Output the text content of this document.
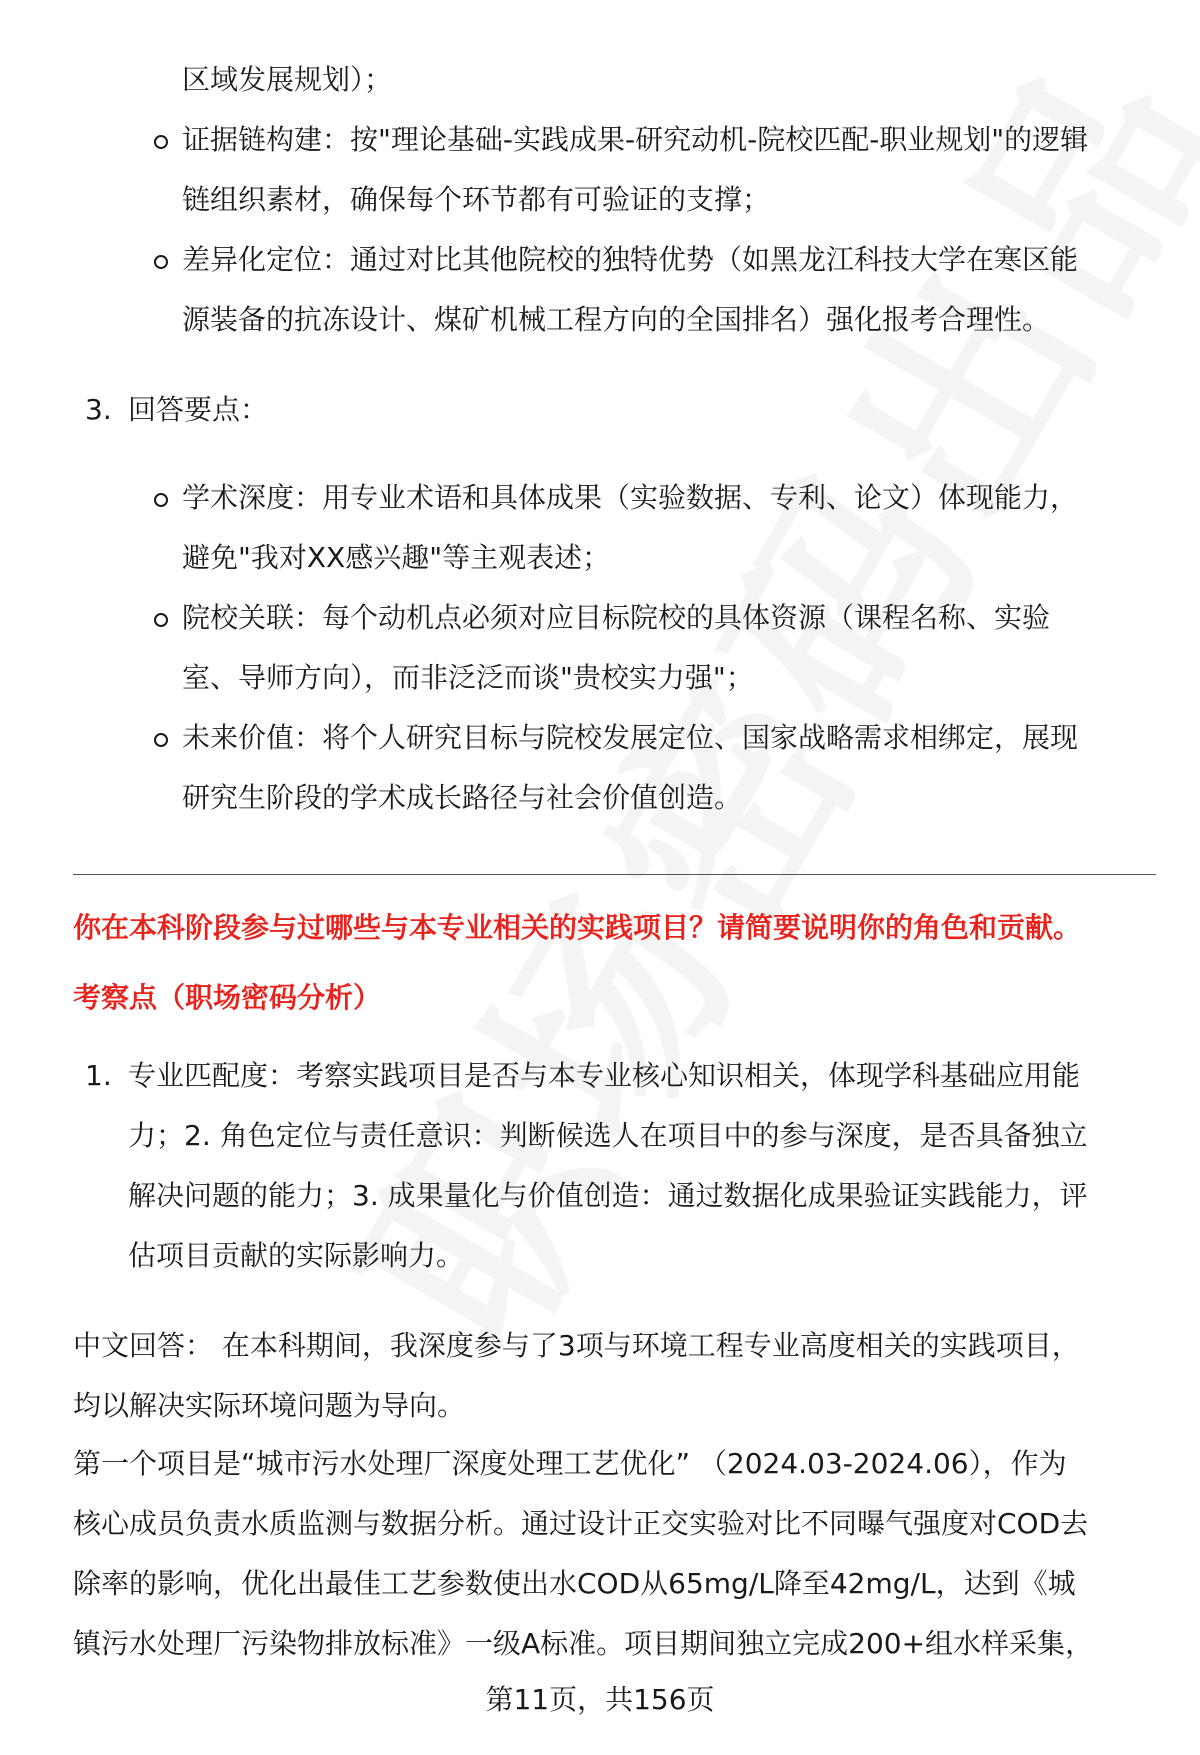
区域发展规划）；
证据链构建：按"理论基础-实践成果-研究动机-院校匹配-职业规划"的逻辑
链组织素材，确保每个环节都有可验证的支撑；
差异化定位：通过对比其他院校的独特优势（如黑龙江科技大学在寒区能
源装备的抗冻设计、煤矿机械工程方向的全国排名）强化报考合理性。
3. 回答要点：
学术深度：用专业术语和具体成果（实验数据、专利、论文）体现能力，
避免"我对XX感兴趣"等主观表述；
院校关联：每个动机点必须对应目标院校的具体资源（课程名称、实验
室、导师方向），而非泛泛而谈"贵校实力强"；
未来价值：将个人研究目标与院校发展定位、国家战略需求相绑定，展现
研究生阶段的学术成长路径与社会价值创造。
你在本科阶段参与过哪些与本专业相关的实践项目？请简要说明你的角色和贡献。
考察点（职场密码分析）
1. 专业匹配度：考察实践项目是否与本专业核心知识相关，体现学科基础应用能
力；2. 角色定位与责任意识：判断候选人在项目中的参与深度，是否具备独立
解决问题的能力；3. 成果量化与价值创造：通过数据化成果验证实践能力，评
估项目贡献的实际影响力。
中文回答： 在本科期间，我深度参与了3项与环境工程专业高度相关的实践项目，
均以解决实际环境问题为导向。
第一个项目是“城市污水处理厂深度处理工艺优化” （2024.03-2024.06），作为
核心成员负责水质监测与数据分析。通过设计正交实验对比不同曝气强度对COD去
除率的影响，优化出最佳工艺参数使出水COD从65mg/L降至42mg/L，达到《城
镇污水处理厂污染物排放标准》一级A标准。项目期间独立完成200+组水样采集，
第11页，共156页
